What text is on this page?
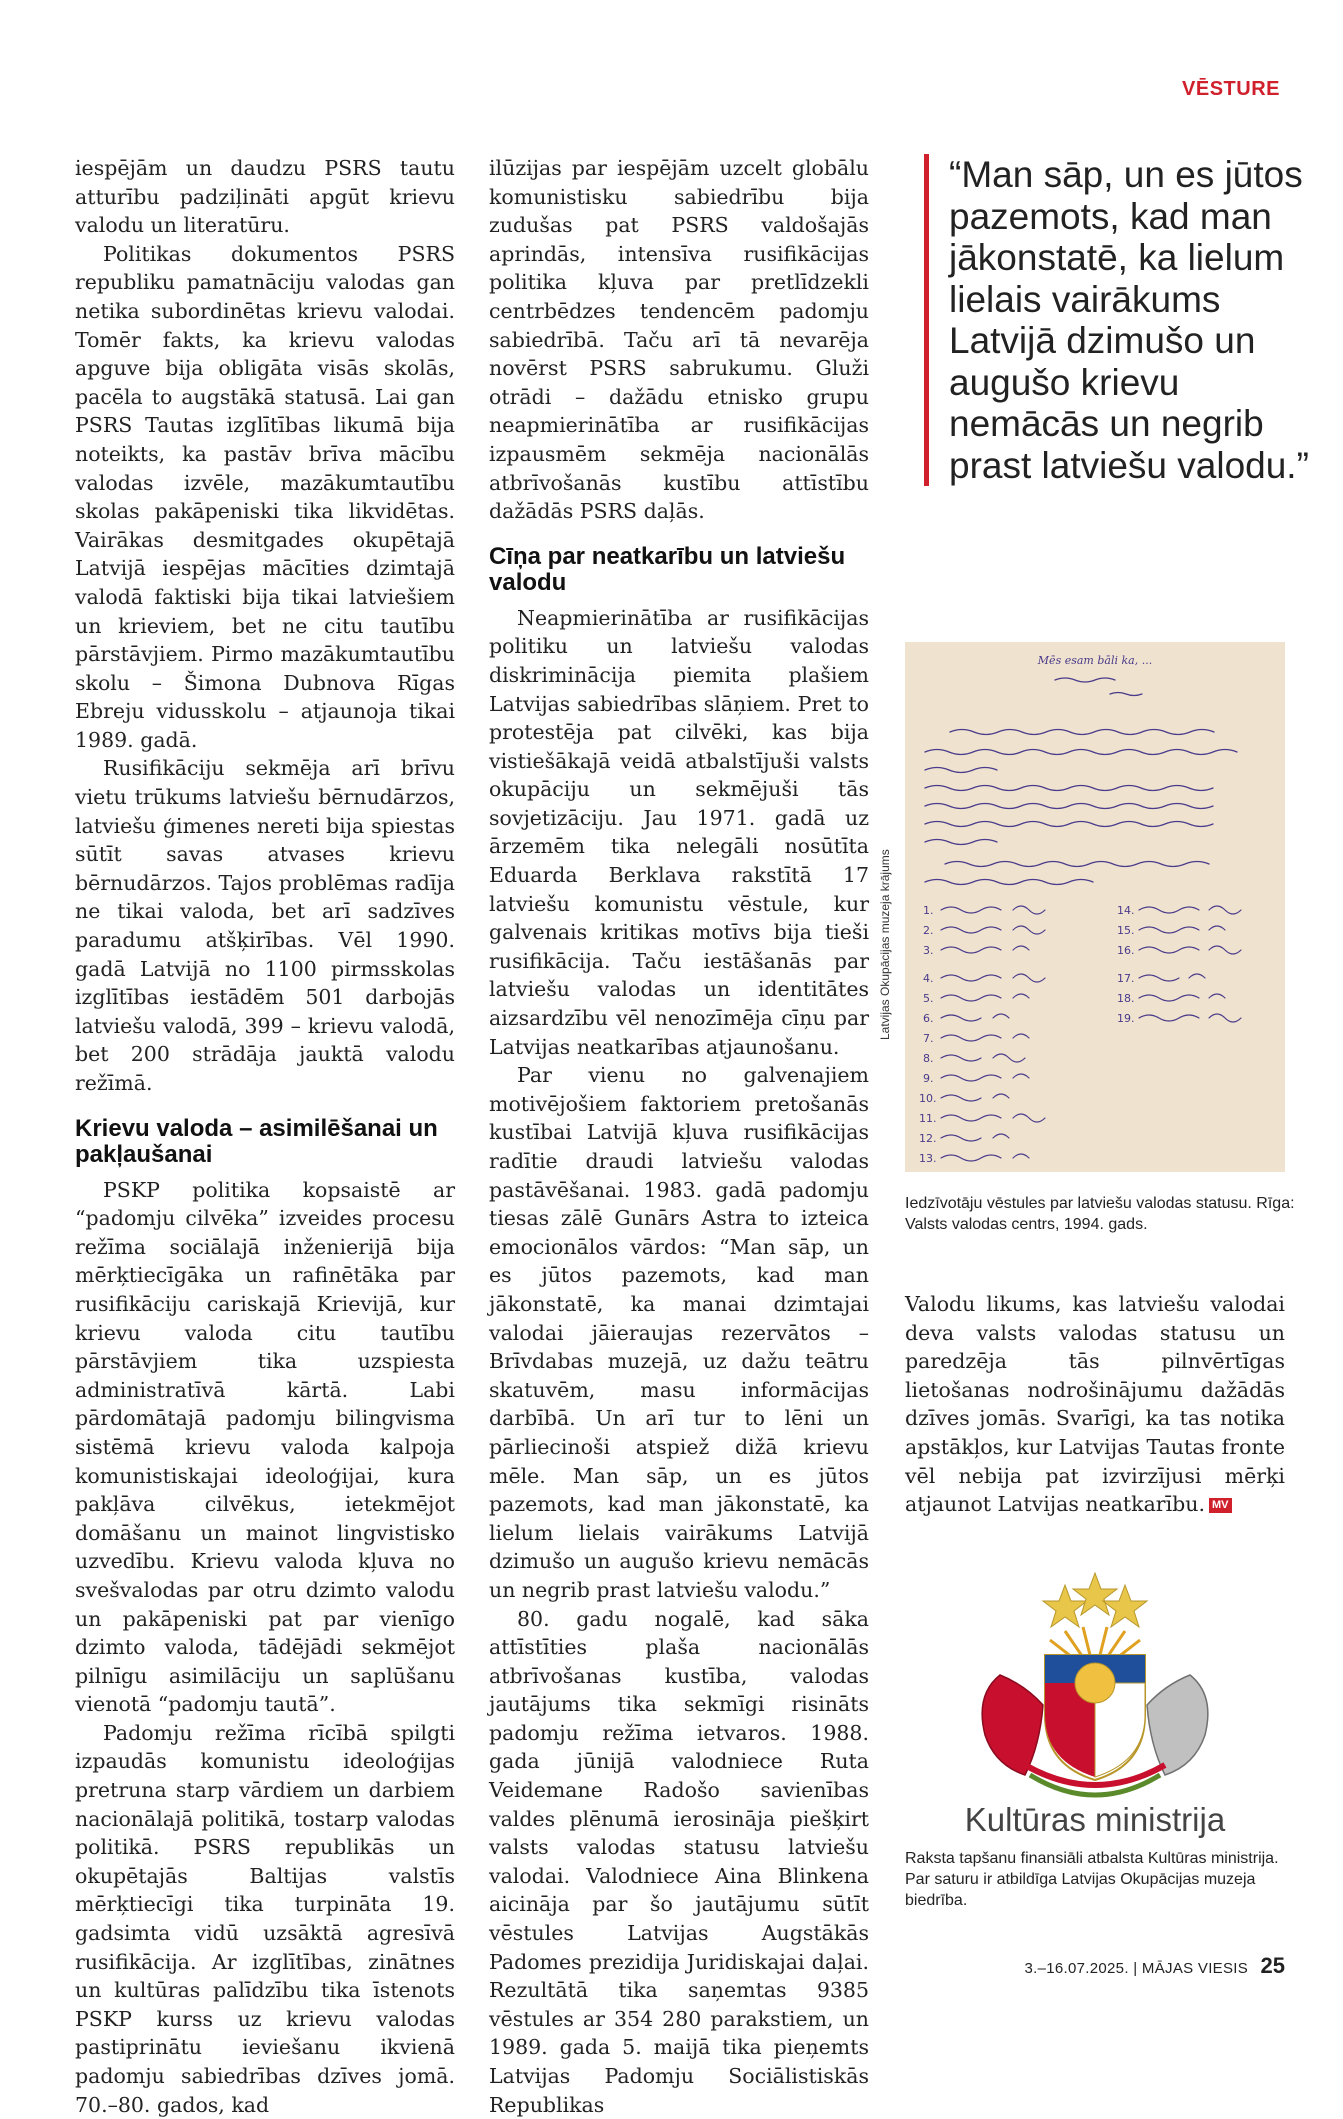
VĒSTURE

iespējām un daudzu PSRS tautu atturību padziļināti apgūt krievu valodu un literatūru.

Politikas dokumentos PSRS republiku pamatnāciju valodas gan netika subordinētas krievu valodai. Tomēr fakts, ka krievu valodas apguve bija obligāta visās skolās, pacēla to augstākā statusā. Lai gan PSRS Tautas izglītības likumā bija noteikts, ka pastāv brīva mācību valodas izvēle, mazākumtautību skolas pakāpeniski tika likvidētas. Vairākas desmitgades okupētajā Latvijā iespējas mācīties dzimtajā valodā faktiski bija tikai latviešiem un krieviem, bet ne citu tautību pārstāvjiem. Pirmo mazākumtautību skolu – Šimona Dubnova Rīgas Ebreju vidusskolu – atjaunoja tikai 1989. gadā.

Rusifikāciju sekmēja arī brīvu vietu trūkums latviešu bērnudārzos, latviešu ģimenes nereti bija spiestas sūtīt savas atvases krievu bērnudārzos. Tajos problēmas radīja ne tikai valoda, bet arī sadzīves paradumu atšķirības. Vēl 1990. gadā Latvijā no 1100 pirmsskolas izglītības iestādēm 501 darbojās latviešu valodā, 399 – krievu valodā, bet 200 strādāja jauktā valodu režīmā.

Krievu valoda – asimilēšanai un pakļaušanai

PSKP politika kopsaistē ar “padomju cilvēka” izveides procesu režīma sociālajā inženierijā bija mērķtiecīgāka un rafinētāka par rusifikāciju cariskajā Krievijā, kur krievu valoda citu tautību pārstāvjiem tika uzspiesta administratīvā kārtā. Labi pārdomātajā padomju bilingvisma sistēmā krievu valoda kalpoja komunistiskajai ideoloģijai, kura pakļāva cilvēkus, ietekmējot domāšanu un mainot lingvistisko uzvedību. Krievu valoda kļuva no svešvalodas par otru dzimto valodu un pakāpeniski pat par vienīgo dzimto valoda, tādējādi sekmējot pilnīgu asimilāciju un saplūšanu vienotā “padomju tautā”.

Padomju režīma rīcībā spilgti izpaudās komunistu ideoloģijas pretruna starp vārdiem un darbiem nacionālajā politikā, tostarp valodas politikā. PSRS republikās un okupētajās Baltijas valstīs mērķtiecīgi tika turpināta 19. gadsimta vidū uzsāktā agresīvā rusifikācija. Ar izglītības, zinātnes un kultūras palīdzību tika īstenots PSKP kurss uz krievu valodas pastiprinātu ieviešanu ikvienā padomju sabiedrības dzīves jomā. 70.–80. gados, kad

ilūzijas par iespējām uzcelt globālu komunistisku sabiedrību bija zudušas pat PSRS valdošajās aprindās, intensīva rusifikācijas politika kļuva par pretlīdzekli centrbēdzes tendencēm padomju sabiedrībā. Taču arī tā nevarēja novērst PSRS sabrukumu. Gluži otrādi – dažādu etnisko grupu neapmierinātība ar rusifikācijas izpausmēm sekmēja nacionālās atbrīvošanās kustību attīstību dažādās PSRS daļās.

Cīņa par neatkarību un latviešu valodu

Neapmierinātība ar rusifikācijas politiku un latviešu valodas diskriminācija piemita plašiem Latvijas sabiedrības slāņiem. Pret to protestēja pat cilvēki, kas bija vistiešākajā veidā atbalstījuši valsts okupāciju un sekmējuši tās sovjetizāciju. Jau 1971. gadā uz ārzemēm tika nelegāli nosūtīta Eduarda Berklava rakstītā 17 latviešu komunistu vēstule, kur galvenais kritikas motīvs bija tieši rusifikācija. Taču iestāšanās par latviešu valodas un identitātes aizsardzību vēl nenozīmēja cīņu par Latvijas neatkarības atjaunošanu.

Par vienu no galvenajiem motivējošiem faktoriem pretošanās kustībai Latvijā kļuva rusifikācijas radītie draudi latviešu valodas pastāvēšanai. 1983. gadā padomju tiesas zālē Gunārs Astra to izteica emocionālos vārdos: “Man sāp, un es jūtos pazemots, kad man jākonstatē, ka manai dzimtajai valodai jāieraujas rezervātos – Brīvdabas muzejā, uz dažu teātru skatuvēm, masu informācijas darbībā. Un arī tur to lēni un pārliecinoši atspiež dižā krievu mēle. Man sāp, un es jūtos pazemots, kad man jākonstatē, ka lielum lielais vairākums Latvijā dzimušo un augušo krievu nemācās un negrib prast latviešu valodu.”

80. gadu nogalē, kad sāka attīstīties plaša nacionālās atbrīvošanas kustība, valodas jautājums tika sekmīgi risināts padomju režīma ietvaros. 1988. gada jūnijā valodniece Ruta Veidemane Radošo savienības valdes plēnumā ierosināja piešķirt valsts valodas statusu latviešu valodai. Valodniece Aina Blinkena aicināja par šo jautājumu sūtīt vēstules Latvijas Augstākās Padomes prezidija Juridiskajai daļai. Rezultātā tika saņemtas 9385 vēstules ar 354 280 parakstiem, un 1989. gada 5. maijā tika pieņemts Latvijas Padomju Sociālistiskās Republikas

“Man sāp, un es jūtos pazemots, kad man jākonstatē, ka lielum lielais vairākums Latvijā dzimušo un augušo krievu nemācās un negrib prast latviešu valodu.”
Latvijas Okupācijas muzeja krājums
Mēs esam bāli ka, ...
1.
2.
3.
4.
5.
6.
7.
8.
9.
10.
11.
12.
13.
14.
15.
16.
17.
18.
19.
Iedzīvotāju vēstules par latviešu valodas statusu. Rīga: Valsts valodas centrs, 1994. gads.

Valodu likums, kas latviešu valodai deva valsts valodas statusu un paredzēja tās pilnvērtīgas lietošanas nodrošinājumu dažādās dzīves jomās. Svarīgi, ka tas notika apstākļos, kur Latvijas Tautas fronte vēl nebija pat izvirzījusi mērķi atjaunot Latvijas neatkarību. MV

Kultūras ministrija
Raksta tapšanu finansiāli atbalsta Kultūras ministrija. Par saturu ir atbildīga Latvijas Okupācijas muzeja biedrība.
3.–16.07.2025. | MĀJAS VIESIS 25
